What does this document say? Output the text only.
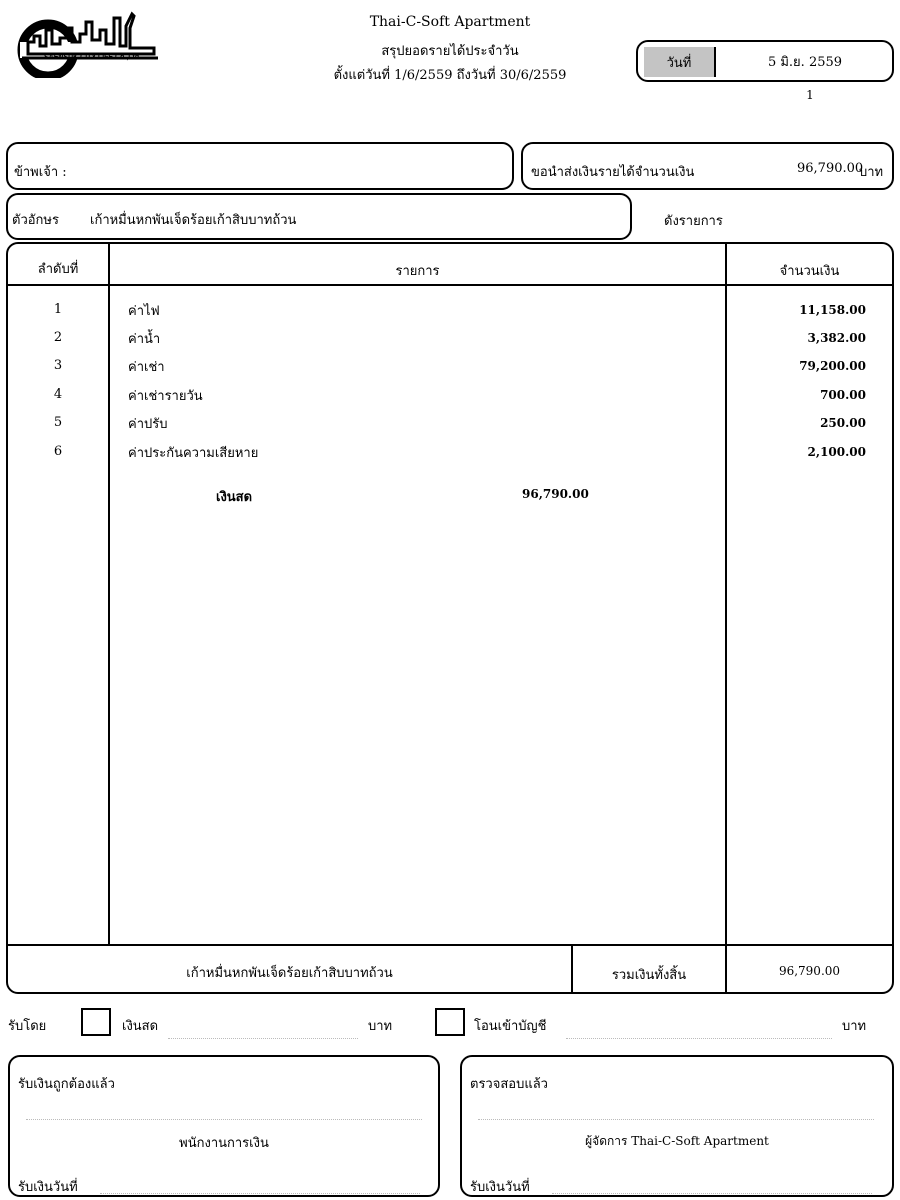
SAENSUK CITY LIFE Co.,Ltd.
Thai-C-Soft Apartment
สรุปยอดรายได้ประจำวัน
ตั้งแต่วันที่ 1/6/2559 ถึงวันที่ 30/6/2559
วันที่	5 มิ.ย. 2559
1
ข้าพเจ้า :	ขอนำส่งเงินรายได้จำนวนเงิน	96,790.00
บาท
ตัวอักษร เก้าหมื่นหกพันเจ็ดร้อยเก้าสิบบาทถ้วน	ดังรายการ
ลำดับที่	รายการ	จำนวนเงิน
1	ค่าไฟ	11,158.00
2	ค่าน้ำ	3,382.00
3	ค่าเช่า	79,200.00
4	ค่าเช่ารายวัน	700.00
5	ค่าปรับ	250.00
6	ค่าประกันความเสียหาย	2,100.00
เงินสด	96,790.00
เก้าหมื่นหกพันเจ็ดร้อยเก้าสิบบาทถ้วน	รวมเงินทั้งสิ้น	96,790.00
รับโดย	เงินสด	บาท	โอนเข้าบัญชี	บาท
รับเงินถูกต้องแล้ว
พนักงานการเงิน
รับเงินวันที่
ตรวจสอบแล้ว
ผู้จัดการ Thai-C-Soft Apartment
รับเงินวันที่
